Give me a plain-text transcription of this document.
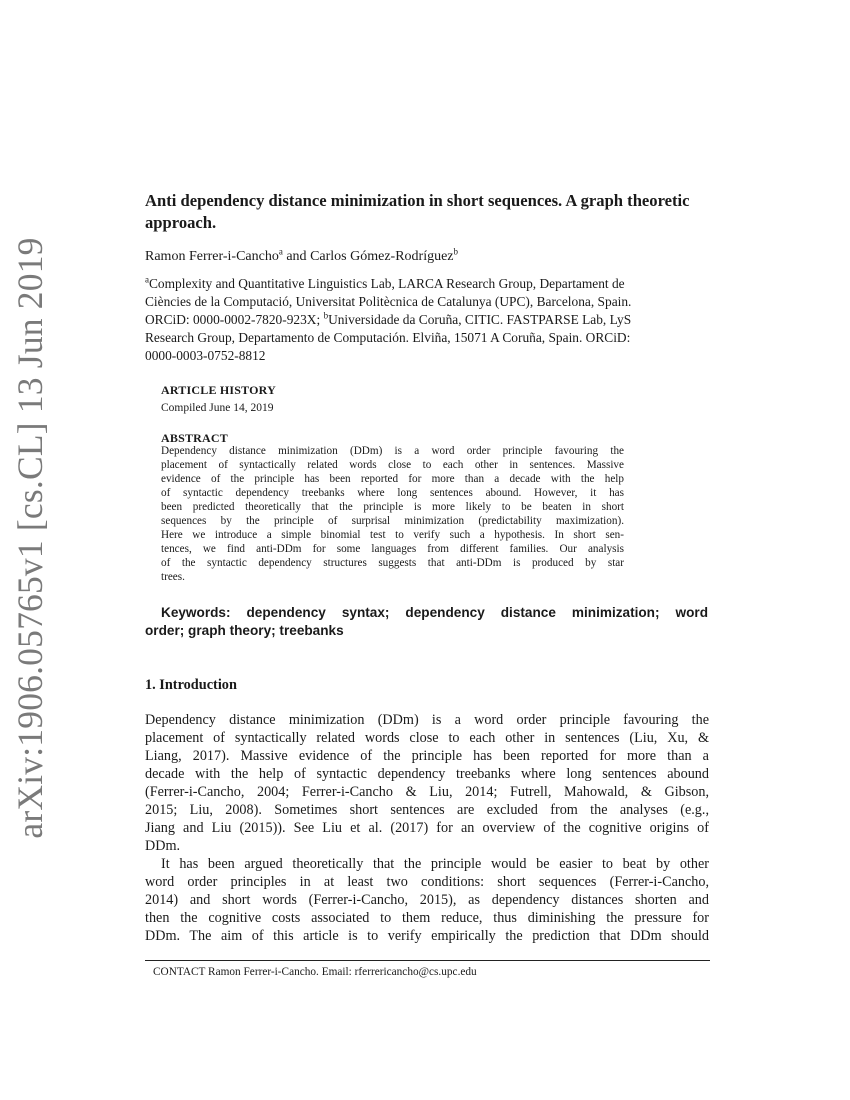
arXiv:1906.05765v1 [cs.CL] 13 Jun 2019
Anti dependency distance minimization in short sequences. A graph theoretic approach.
Ramon Ferrer-i-Cancho$^a$ and Carlos Gómez-Rodríguez$^b$
$^a$Complexity and Quantitative Linguistics Lab, LARCA Research Group, Departament de
Ciències de la Computació, Universitat Politècnica de Catalunya (UPC), Barcelona, Spain.
ORCiD: 0000-0002-7820-923X; $^b$Universidade da Coruña, CITIC. FASTPARSE Lab, LyS
Research Group, Departamento de Computación. Elviña, 15071 A Coruña, Spain. ORCiD:
0000-0003-0752-8812
ARTICLE HISTORY
Compiled June 14, 2019
ABSTRACT
Dependency distance minimization (DDm) is a word order principle favouring the
placement of syntactically related words close to each other in sentences. Massive
evidence of the principle has been reported for more than a decade with the help
of syntactic dependency treebanks where long sentences abound. However, it has
been predicted theoretically that the principle is more likely to be beaten in short
sequences by the principle of surprisal minimization (predictability maximization).
Here we introduce a simple binomial test to verify such a hypothesis. In short sen-
tences, we find anti-DDm for some languages from different families. Our analysis
of the syntactic dependency structures suggests that anti-DDm is produced by star
trees.
Keywords: dependency syntax; dependency distance minimization; word
order; graph theory; treebanks
1. Introduction
Dependency distance minimization (DDm) is a word order principle favouring the
placement of syntactically related words close to each other in sentences (Liu, Xu, &
Liang, 2017). Massive evidence of the principle has been reported for more than a
decade with the help of syntactic dependency treebanks where long sentences abound
(Ferrer-i-Cancho, 2004; Ferrer-i-Cancho & Liu, 2014; Futrell, Mahowald, & Gibson,
2015; Liu, 2008). Sometimes short sentences are excluded from the analyses (e.g.,
Jiang and Liu (2015)). See Liu et al. (2017) for an overview of the cognitive origins of
DDm.
It has been argued theoretically that the principle would be easier to beat by other
word order principles in at least two conditions: short sequences (Ferrer-i-Cancho,
2014) and short words (Ferrer-i-Cancho, 2015), as dependency distances shorten and
then the cognitive costs associated to them reduce, thus diminishing the pressure for
DDm. The aim of this article is to verify empirically the prediction that DDm should
CONTACT Ramon Ferrer-i-Cancho. Email: rferrericancho@cs.upc.edu
